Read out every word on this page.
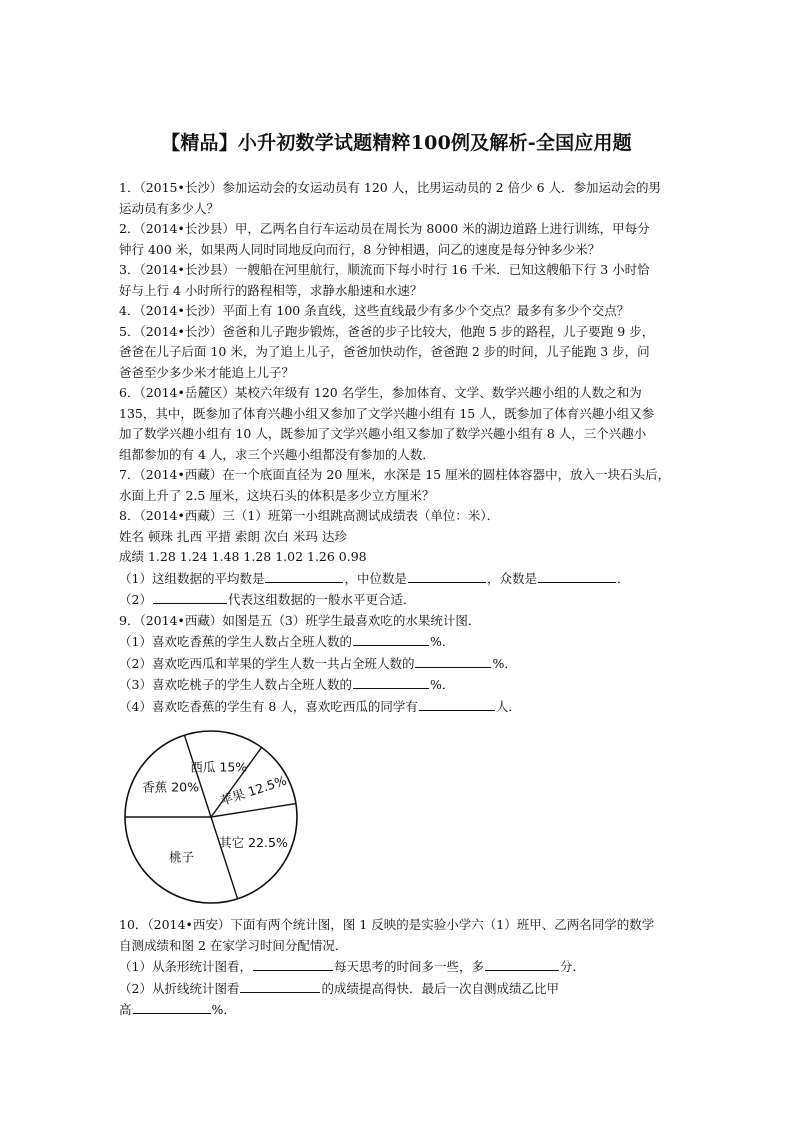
【精品】小升初数学试题精粹100例及解析-全国应用题
1．（2015•长沙）参加运动会的女运动员有 120 人，比男运动员的 2 倍少 6 人．参加运动会的男
运动员有多少人？
2．（2014•长沙县）甲，乙两名自行车运动员在周长为 8000 米的湖边道路上进行训练，甲每分
钟行 400 米，如果两人同时同地反向而行，8 分钟相遇，问乙的速度是每分钟多少米？
3．（2014•长沙县）一艘船在河里航行，顺流而下每小时行 16 千米．已知这艘船下行 3 小时恰
好与上行 4 小时所行的路程相等，求静水船速和水速？
4．（2014•长沙）平面上有 100 条直线，这些直线最少有多少个交点？最多有多少个交点？
5．（2014•长沙）爸爸和儿子跑步锻炼，爸爸的步子比较大，他跑 5 步的路程，儿子要跑 9 步，
爸爸在儿子后面 10 米，为了追上儿子，爸爸加快动作，爸爸跑 2 步的时间，儿子能跑 3 步，问
爸爸至少多少米才能追上儿子？
6．（2014•岳麓区）某校六年级有 120 名学生，参加体育、文学、数学兴趣小组的人数之和为
135，其中，既参加了体育兴趣小组又参加了文学兴趣小组有 15 人，既参加了体育兴趣小组又参
加了数学兴趣小组有 10 人，既参加了文学兴趣小组又参加了数学兴趣小组有 8 人，三个兴趣小
组都参加的有 4 人，求三个兴趣小组都没有参加的人数．
7．（2014•西藏）在一个底面直径为 20 厘米，水深是 15 厘米的圆柱体容器中，放入一块石头后，
水面上升了 2.5 厘米，这块石头的体积是多少立方厘米？
8．（2014•西藏）三（1）班第一小组跳高测试成绩表（单位：米）．
姓名 顿珠 扎西 平措 索朗 次白 米玛 达珍
成绩 1.28 1.24 1.48 1.28 1.02 1.26 0.98
（1）这组数据的平均数是	，中位数是	，众数是	．
（2）	代表这组数据的一般水平更合适．
9．（2014•西藏）如图是五（3）班学生最喜欢吃的水果统计图．
（1）喜欢吃香蕉的学生人数占全班人数的	%．
（2）喜欢吃西瓜和苹果的学生人数一共占全班人数的	%．
（3）喜欢吃桃子的学生人数占全班人数的	%．
（4）喜欢吃香蕉的学生有 8 人，喜欢吃西瓜的同学有	人．
西瓜 15%
苹果 12.5%
其它 22.5%
桃子
香蕉 20%
10．（2014•西安）下面有两个统计图，图 1 反映的是实验小学六（1）班甲、乙两名同学的数学
自测成绩和图 2 在家学习时间分配情况．
（1）从条形统计图看，	每天思考的时间多一些，多	分．
（2）从折线统计图看	的成绩提高得快．最后一次自测成绩乙比甲
高	%．
